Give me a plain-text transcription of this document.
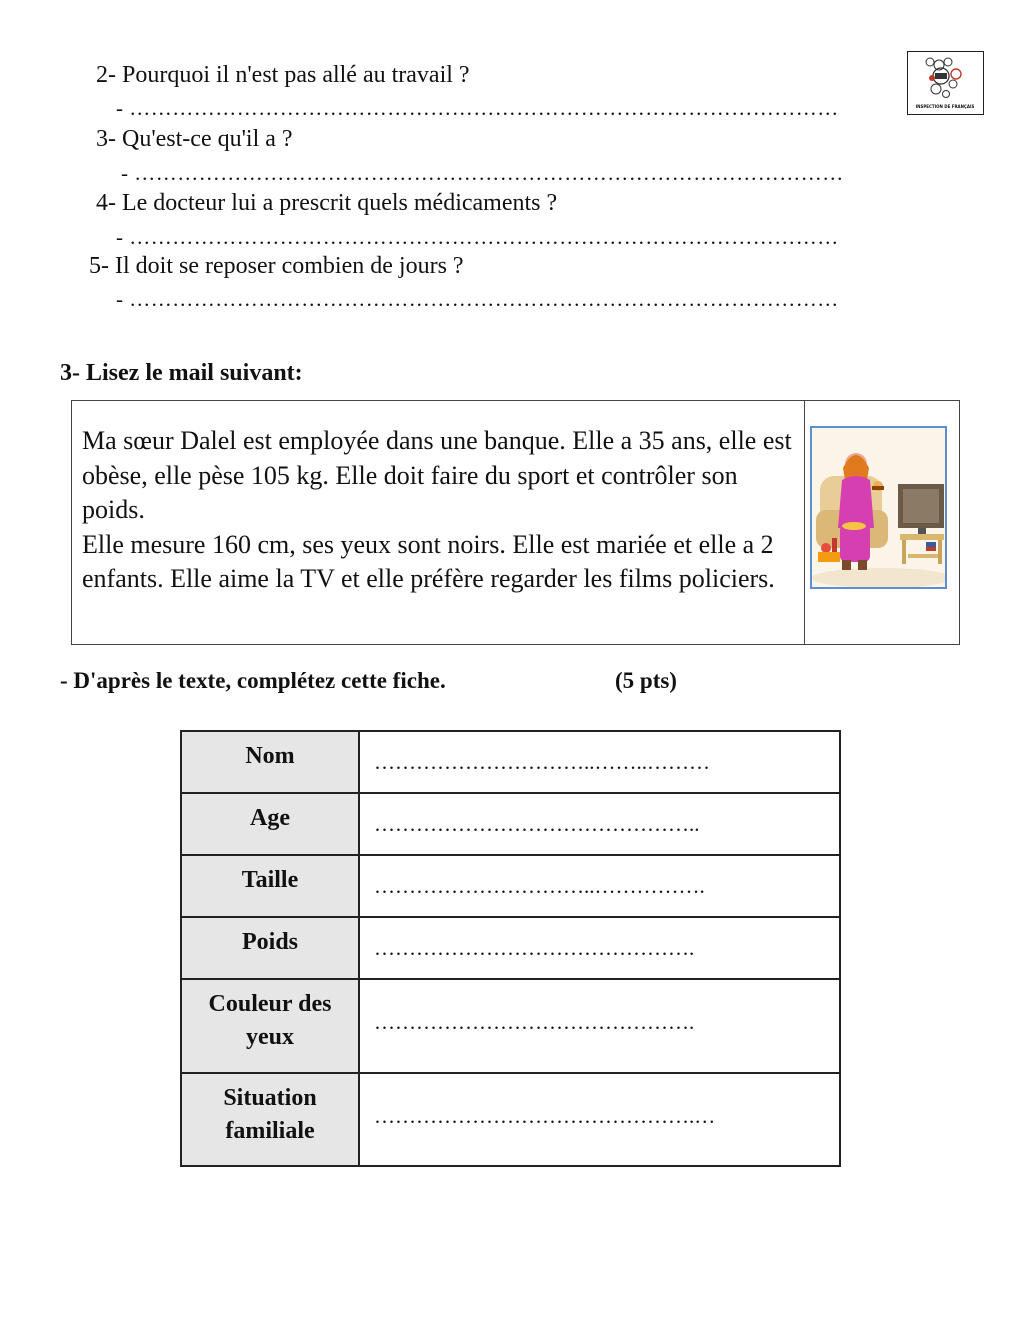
2- Pourquoi il n'est pas allé au travail ?
- ………………………………………………………………………………………
3- Qu'est-ce qu'il a ?
- ………………………………………………………………………………………
4- Le docteur lui a prescrit quels médicaments ?
- ………………………………………………………………………………………
5- Il doit se reposer combien de jours ?
- ………………………………………………………………………………………
INSPECTION DE FRANÇAIS
3- Lisez le mail suivant:

Ma sœur Dalel est employée dans une banque. Elle a 35 ans, elle est obèse, elle pèse 105 kg. Elle doit faire du sport et contrôler son poids.

Elle mesure 160 cm, ses yeux sont noirs. Elle est mariée et elle a 2 enfants. Elle aime la TV et elle préfère regarder les films policiers.

- D'après le texte, complétez cette fiche.	(5 pts)
Nom	…………………………..……..………
Age	………………………………………..
Taille	…………………………..…………….
Poids	……………………………………….
Couleur des yeux	……………………………………….
Situation familiale	……………………………………….…
